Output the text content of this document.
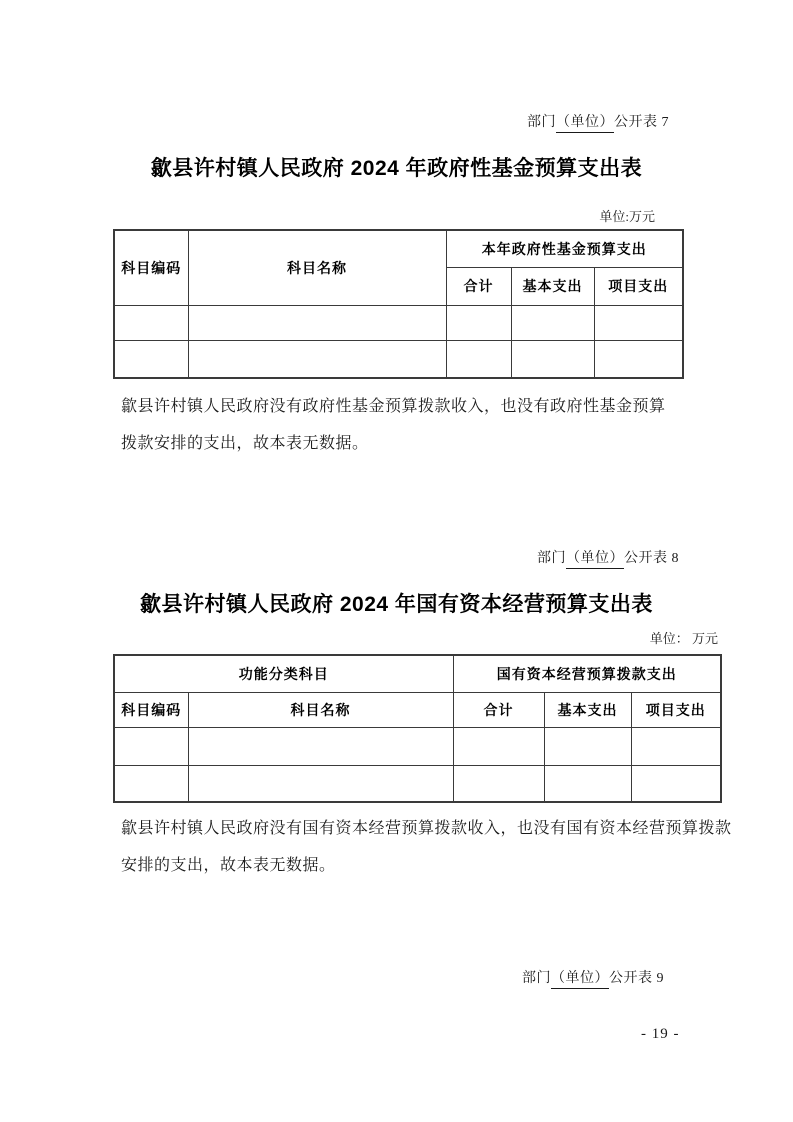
部门（单位）公开表 7
歙县许村镇人民政府 2024 年政府性基金预算支出表
单位:万元
科目编码	科目名称	本年政府性基金预算支出		
		合计	基本支出	项目支出

歙县许村镇人民政府没有政府性基金预算拨款收入，也没有政府性基金预算
拨款安排的支出，故本表无数据。
部门（单位）公开表 8
歙县许村镇人民政府 2024 年国有资本经营预算支出表
单位： 万元
功能分类科目		国有资本经营预算拨款支出		
科目编码	科目名称	合计	基本支出	项目支出

歙县许村镇人民政府没有国有资本经营预算拨款收入，也没有国有资本经营预算拨款
安排的支出，故本表无数据。
部门（单位）公开表 9
- 19 -
